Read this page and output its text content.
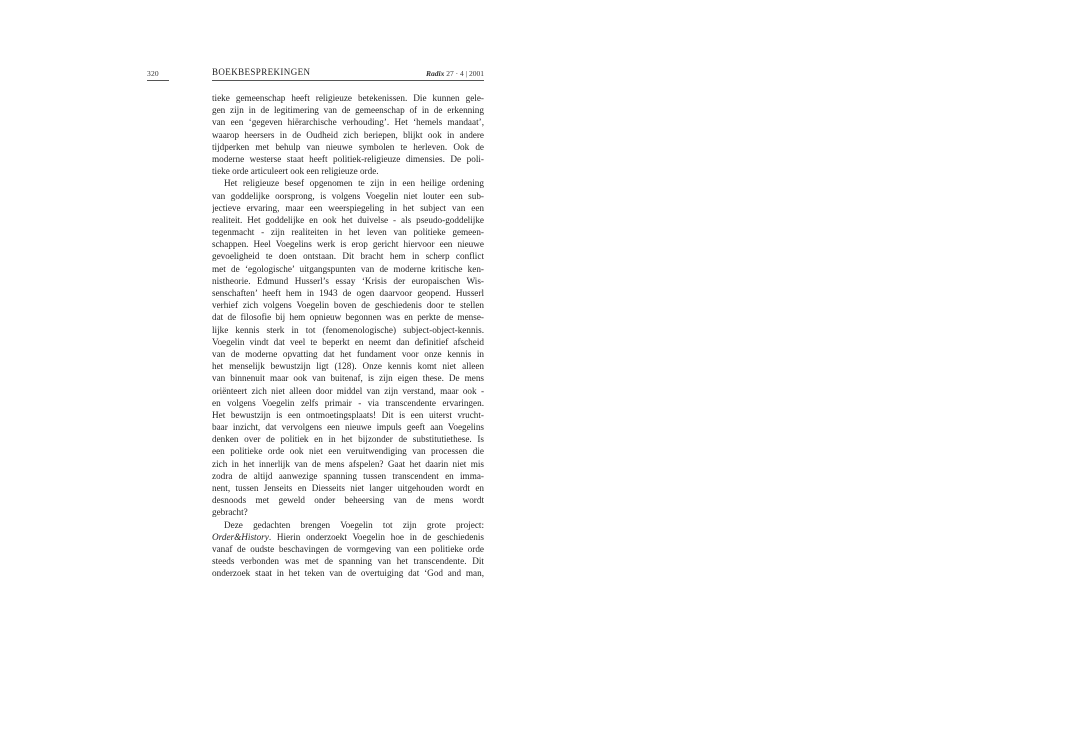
320	BOEKBESPREKINGEN	Radix 27 · 4 | 2001
tieke gemeenschap heeft religieuze betekenissen. Die kunnen gele-
gen zijn in de legitimering van de gemeenschap of in de erkenning
van een ‘gegeven hiërarchische verhouding’. Het ‘hemels mandaat’,
waarop heersers in de Oudheid zich beriepen, blijkt ook in andere
tijdperken met behulp van nieuwe symbolen te herleven. Ook de
moderne westerse staat heeft politiek-religieuze dimensies. De poli-
tieke orde articuleert ook een religieuze orde.
Het religieuze besef opgenomen te zijn in een heilige ordening
van goddelijke oorsprong, is volgens Voegelin niet louter een sub-
jectieve ervaring, maar een weerspiegeling in het subject van een
realiteit. Het goddelijke en ook het duivelse - als pseudo-goddelijke
tegenmacht - zijn realiteiten in het leven van politieke gemeen-
schappen. Heel Voegelins werk is erop gericht hiervoor een nieuwe
gevoeligheid te doen ontstaan. Dit bracht hem in scherp conflict
met de ‘egologische’ uitgangspunten van de moderne kritische ken-
nistheorie. Edmund Husserl’s essay ‘Krisis der europaischen Wis-
senschaften’ heeft hem in 1943 de ogen daarvoor geopend. Husserl
verhief zich volgens Voegelin boven de geschiedenis door te stellen
dat de filosofie bij hem opnieuw begonnen was en perkte de mense-
lijke kennis sterk in tot (fenomenologische) subject-object-kennis.
Voegelin vindt dat veel te beperkt en neemt dan definitief afscheid
van de moderne opvatting dat het fundament voor onze kennis in
het menselijk bewustzijn ligt (128). Onze kennis komt niet alleen
van binnenuit maar ook van buitenaf, is zijn eigen these. De mens
oriënteert zich niet alleen door middel van zijn verstand, maar ook -
en volgens Voegelin zelfs primair - via transcendente ervaringen.
Het bewustzijn is een ontmoetingsplaats! Dit is een uiterst vrucht-
baar inzicht, dat vervolgens een nieuwe impuls geeft aan Voegelins
denken over de politiek en in het bijzonder de substitutiethese. Is
een politieke orde ook niet een veruitwendiging van processen die
zich in het innerlijk van de mens afspelen? Gaat het daarin niet mis
zodra de altijd aanwezige spanning tussen transcendent en imma-
nent, tussen Jenseits en Diesseits niet langer uitgehouden wordt en
desnoods met geweld onder beheersing van de mens wordt
gebracht?
Deze gedachten brengen Voegelin tot zijn grote project:
Order&History. Hierin onderzoekt Voegelin hoe in de geschiedenis
vanaf de oudste beschavingen de vormgeving van een politieke orde
steeds verbonden was met de spanning van het transcendente. Dit
onderzoek staat in het teken van de overtuiging dat ‘God and man,
